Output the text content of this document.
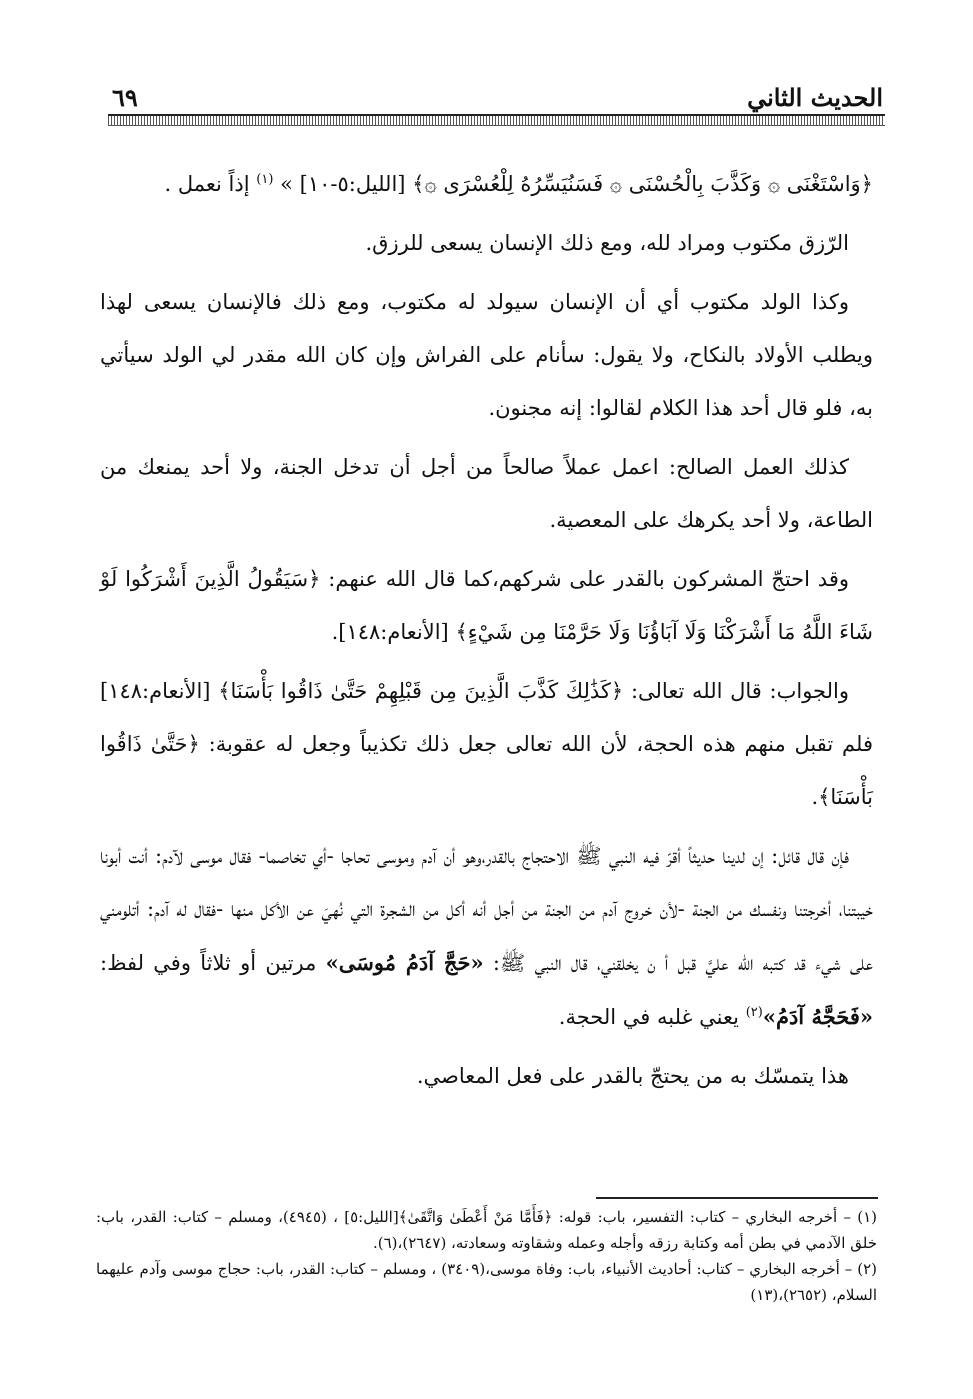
الحديث الثاني
٦٩

﴿وَاسْتَغْنَى ۞ وَكَذَّبَ بِالْحُسْنَى ۞ فَسَنُيَسِّرُهُ لِلْعُسْرَى ۞﴾ [الليل:٥-١٠] » $^{(١)}$ إذاً نعمل .

الرّزق مكتوب ومراد لله، ومع ذلك الإنسان يسعى للرزق.

وكذا الولد مكتوب أي أن الإنسان سيولد له مكتوب، ومع ذلك فالإنسان يسعى لهذا ويطلب الأولاد بالنكاح، ولا يقول: سأنام على الفراش وإن كان الله مقدر لي الولد سيأتي به، فلو قال أحد هذا الكلام لقالوا: إنه مجنون.

كذلك العمل الصالح: اعمل عملاً صالحاً من أجل أن تدخل الجنة، ولا أحد يمنعك من الطاعة، ولا أحد يكرهك على المعصية.

وقد احتجّ المشركون بالقدر على شركهم،كما قال الله عنهم: ﴿سَيَقُولُ الَّذِينَ أَشْرَكُوا لَوْ شَاءَ اللَّهُ مَا أَشْرَكْنَا وَلَا آبَاؤُنَا وَلَا حَرَّمْنَا مِن شَيْءٍ﴾ [الأنعام:١٤٨].

والجواب: قال الله تعالى: ﴿كَذَٰلِكَ كَذَّبَ الَّذِينَ مِن قَبْلِهِمْ حَتَّىٰ ذَاقُوا بَأْسَنَا﴾ [الأنعام:١٤٨] فلم تقبل منهم هذه الحجة، لأن الله تعالى جعل ذلك تكذيباً وجعل له عقوبة: ﴿حَتَّىٰ ذَاقُوا بَأْسَنَا﴾.

فإن قال قائل: إن لدينا حديثاً أقرّ فيه النبي ﷺ الاحتجاج بالقدر،وهو أن آدم وموسى تحاجا -أي تخاصما- فقال موسى لآدم: أنت أبونا خيبتنا، أخرجتنا ونفسك من الجنة -لأن خروج آدم من الجنة من أجل أنه أكل من الشجرة التي نُهيَ عن الأكل منها -فقال له آدم: أتلومني على شيء قد كتبه الله عليَّ قبل أ ن يخلقني، قال النبي ﷺ: «حَجَّ آدَمُ مُوسَى» مرتين أو ثلاثاً وفي لفظ: «فَحَجَّهُ آدَمُ»$^{(٢)}$ يعني غلبه في الحجة.

هذا يتمسّك به من يحتجّ بالقدر على فعل المعاصي.

(١) – أخرجه البخاري – كتاب: التفسير، باب: قوله: ﴿فَأَمَّا مَنْ أَعْطَىٰ وَاتَّقَىٰ﴾[الليل:٥] ، (٤٩٤٥)، ومسلم – كتاب: القدر، باب: خلق الآدمي في بطن أمه وكتابة رزقه وأجله وعمله وشقاوته وسعادته، (٢٦٤٧)،(٦).

(٢) – أخرجه البخاري – كتاب: أحاديث الأنبياء، باب: وفاة موسى،(٣٤٠٩) ، ومسلم – كتاب: القدر، باب: حجاج موسى وآدم عليهما السلام، (٢٦٥٢)،(١٣)
